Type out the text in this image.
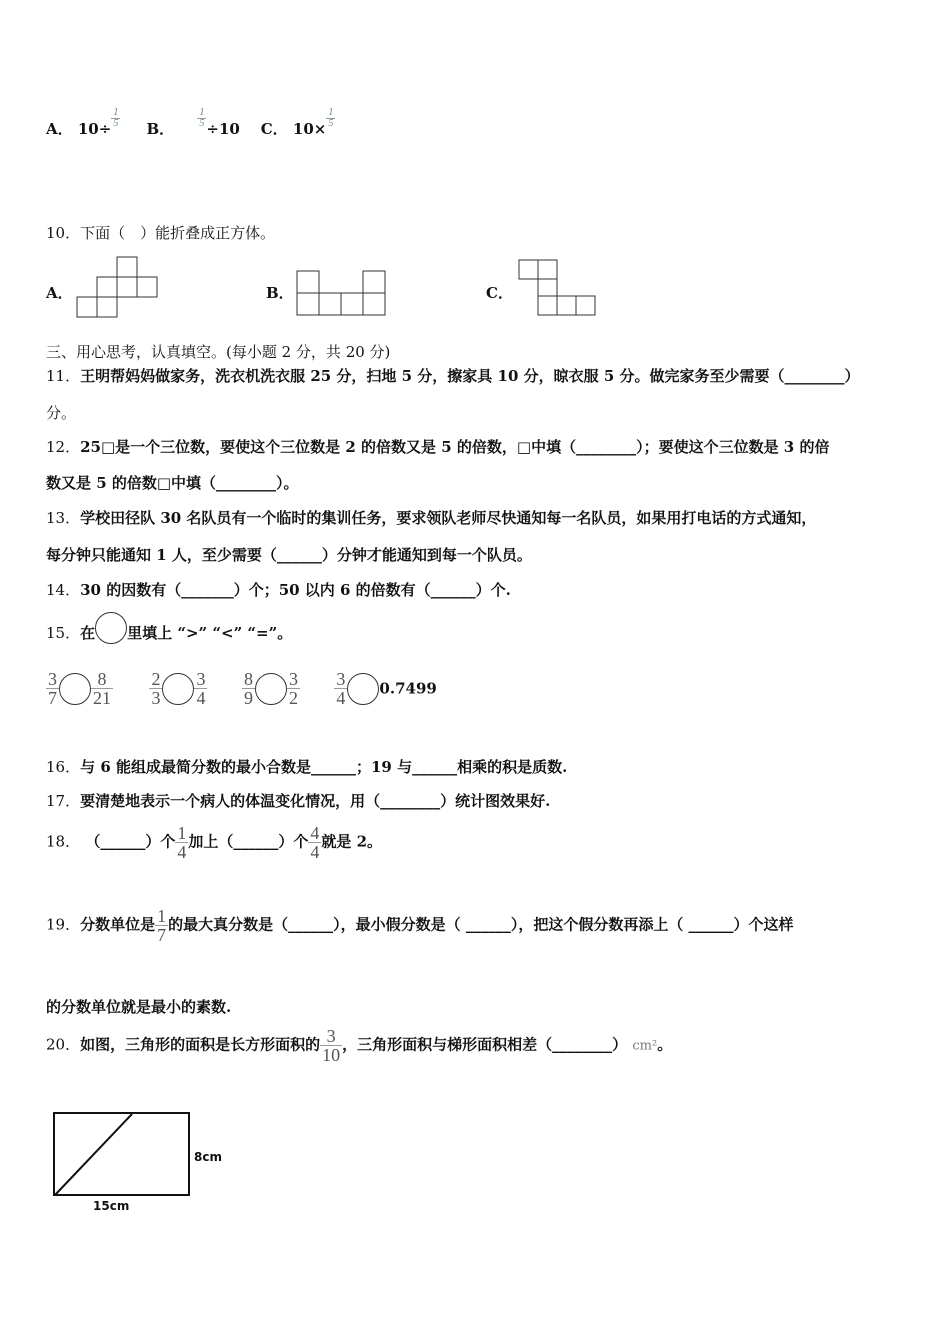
A． $10\div \frac{1}{5}$ B． $\frac{1}{5} \div 10$ C． $10\times \frac{1}{5}$
10．下面（　）能折叠成正方体。
A．	B．	C．
三、用心思考，认真填空。(每小题 2 分，共 20 分)
11．王明帮妈妈做家务，洗衣机洗衣服 25 分，扫地 5 分，擦家具 10 分，晾衣服 5 分。做完家务至少需要（________）
分。
12．25□是一个三位数，要使这个三位数是 2 的倍数又是 5 的倍数，□中填（________）；要使这个三位数是 3 的倍
数又是 5 的倍数□中填（________）。
13．学校田径队 30 名队员有一个临时的集训任务，要求领队老师尽快通知每一名队员，如果用打电话的方式通知，
每分钟只能通知 1 人，至少需要（______）分钟才能通知到每一个队员。
14．30 的因数有（_______）个；50 以内 6 的倍数有（______）个.
15．在 里填上 “>” “<” “=”。
$\frac{3}{7} \frac{8}{21}$
$\frac{2}{3} \frac{3}{4}$
$\frac{8}{9} \frac{3}{2}$
$\frac{3}{4} 0.7499$
16．与 6 能组成最简分数的最小合数是______；19 与______相乘的积是质数.
17．要清楚地表示一个病人的体温变化情况，用（________）统计图效果好.
18． （______）个 $\frac{1}{4}$ 加上（______）个 $\frac{4}{4}$ 就是 2。
19．分数单位是 $\frac{1}{7}$ 的最大真分数是（______），最小假分数是（ ______），把这个假分数再添上（ ______）个这样
的分数单位就是最小的素数.
20．如图，三角形的面积是长方形面积的 $\frac{3}{10}$ ，三角形面积与梯形面积相差（________） cm²。
8cm
15cm
